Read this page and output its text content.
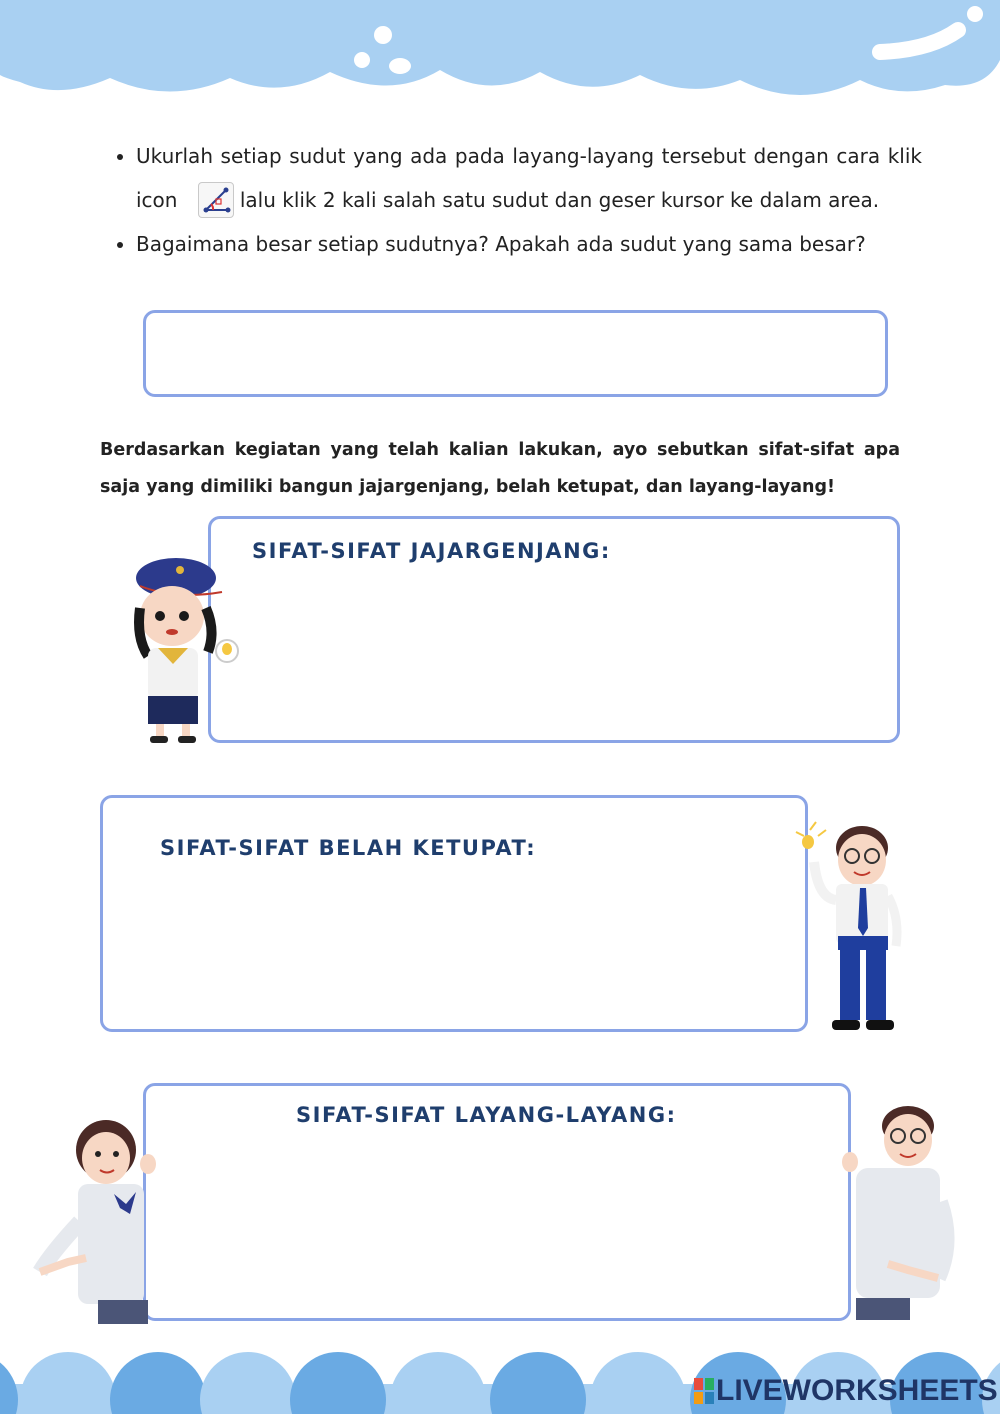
• Ukurlah setiap sudut yang ada pada layang-layang tersebut dengan cara klik icon	lalu klik 2 kali salah satu sudut dan geser kursor ke dalam area.
• Bagaimana besar setiap sudutnya? Apakah ada sudut yang sama besar?

Berdasarkan kegiatan yang telah kalian lakukan, ayo sebutkan sifat-sifat apa saja yang dimiliki bangun jajargenjang, belah ketupat, dan layang-layang!

SIFAT-SIFAT JAJARGENJANG:
SIFAT-SIFAT BELAH KETUPAT:
SIFAT-SIFAT LAYANG-LAYANG:
LIVEWORKSHEETS
